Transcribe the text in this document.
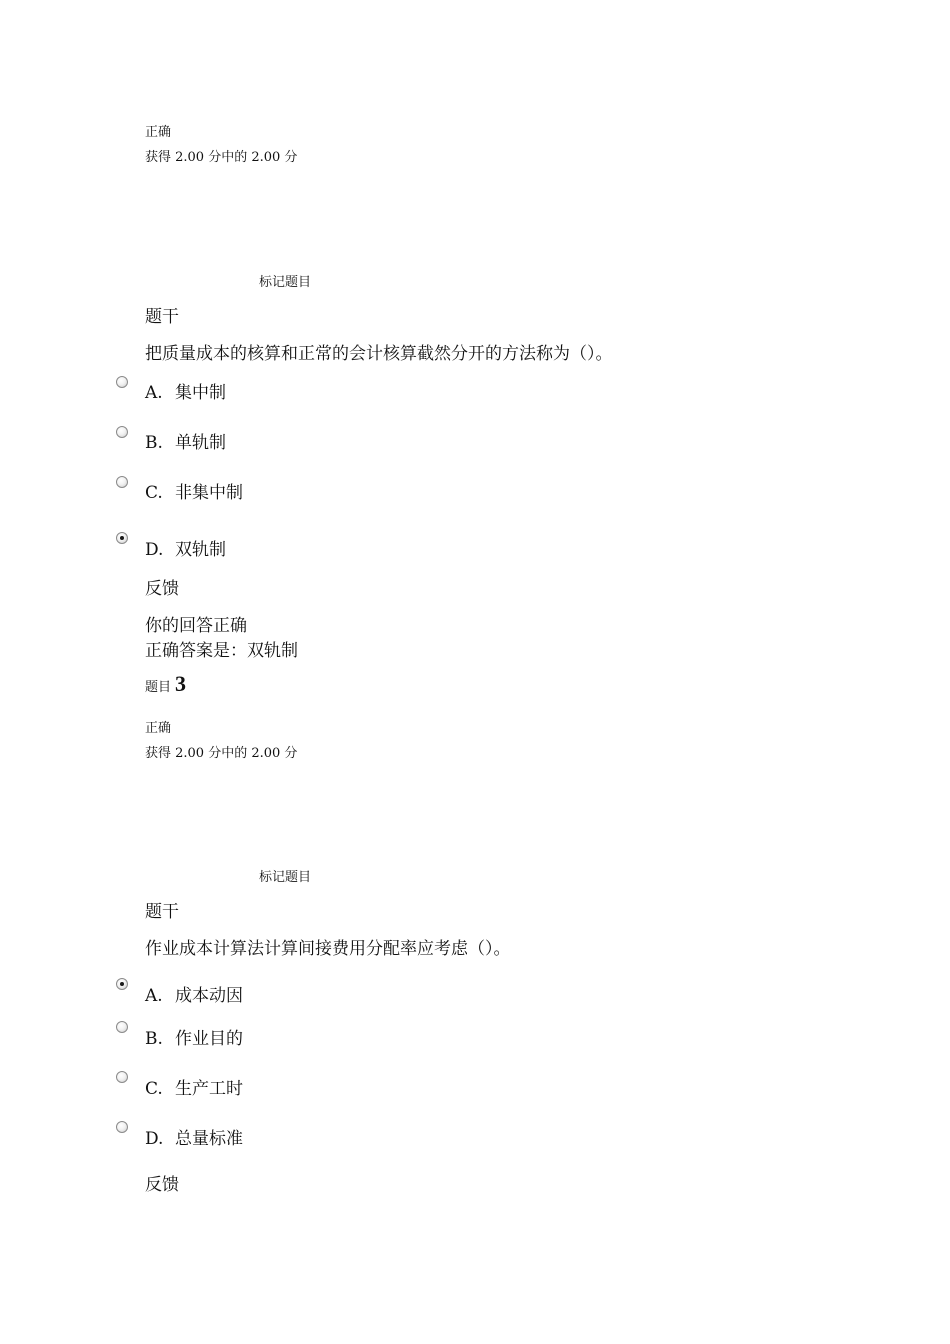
正确
获得 2.00 分中的 2.00 分
标记题目
题干
把质量成本的核算和正常的会计核算截然分开的方法称为（）。
A. 集中制
B. 单轨制
C. 非集中制
D. 双轨制
反馈
你的回答正确
正确答案是：双轨制
题目 3
正确
获得 2.00 分中的 2.00 分
标记题目
题干
作业成本计算法计算间接费用分配率应考虑（）。
A. 成本动因
B. 作业目的
C. 生产工时
D. 总量标准
反馈
